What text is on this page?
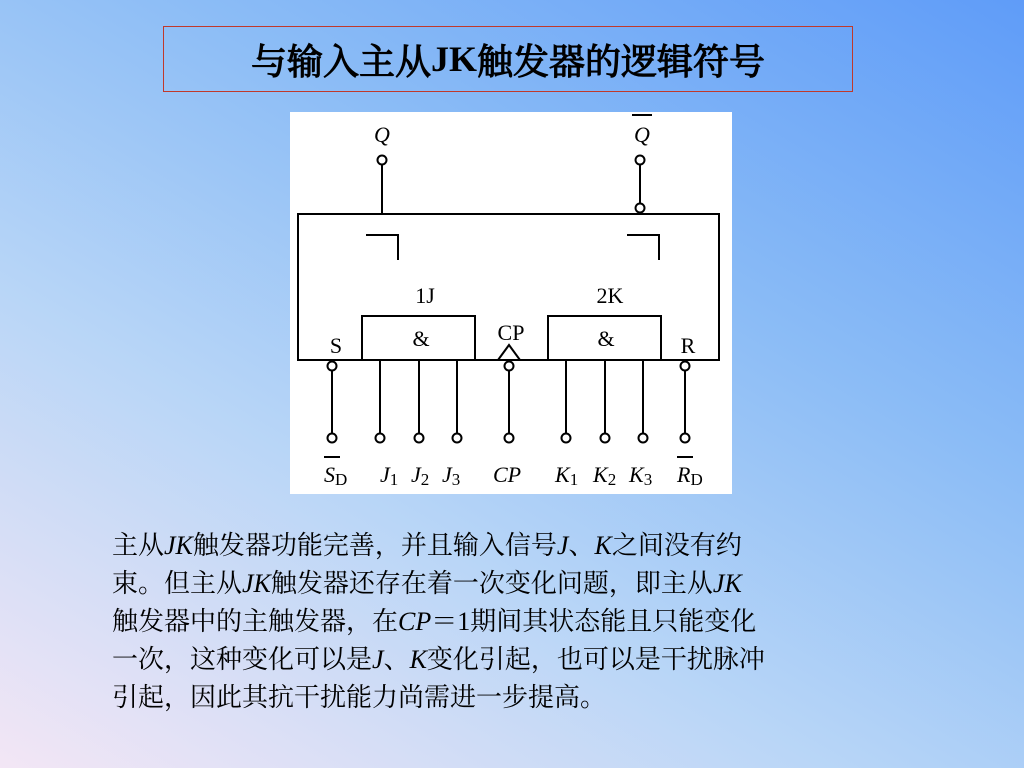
与输入主从 JK 触发器的逻辑符号
Q	Q
1J	2K
&	&
CP
S	R
SD J1 J2 J3 CP K1 K2 K3 RD

主从JK触发器功能完善，并且输入信号J、K之间没有约

束。但主从JK触发器还存在着一次变化问题，即主从JK

触发器中的主触发器，在CP＝1期间其状态能且只能变化

一次，这种变化可以是J、K变化引起，也可以是干扰脉冲

引起，因此其抗干扰能力尚需进一步提高。
